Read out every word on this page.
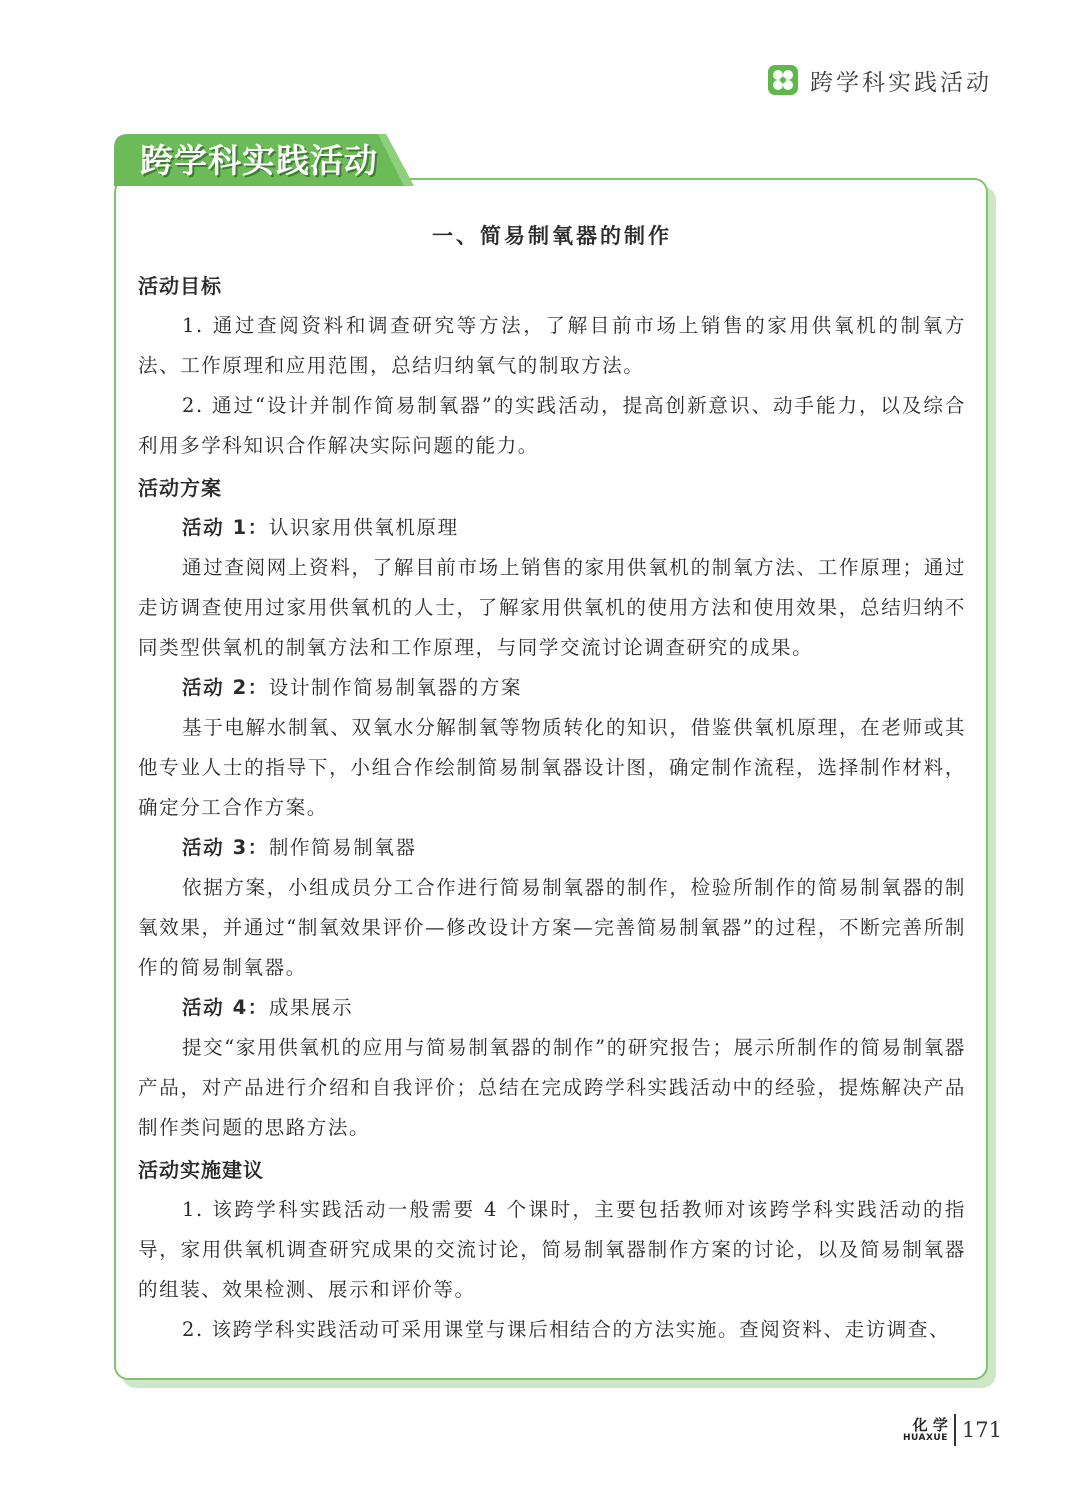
跨学科实践活动
跨学科实践活动

一、简易制氧器的制作

活动目标

1. 通过查阅资料和调查研究等方法，了解目前市场上销售的家用供氧机的制氧方法、工作原理和应用范围，总结归纳氧气的制取方法。

2. 通过“设计并制作简易制氧器”的实践活动，提高创新意识、动手能力，以及综合利用多学科知识合作解决实际问题的能力。

活动方案

活动 1：认识家用供氧机原理

通过查阅网上资料，了解目前市场上销售的家用供氧机的制氧方法、工作原理；通过走访调查使用过家用供氧机的人士，了解家用供氧机的使用方法和使用效果，总结归纳不同类型供氧机的制氧方法和工作原理，与同学交流讨论调查研究的成果。

活动 2：设计制作简易制氧器的方案

基于电解水制氧、双氧水分解制氧等物质转化的知识，借鉴供氧机原理，在老师或其他专业人士的指导下，小组合作绘制简易制氧器设计图，确定制作流程，选择制作材料，确定分工合作方案。

活动 3：制作简易制氧器

依据方案，小组成员分工合作进行简易制氧器的制作，检验所制作的简易制氧器的制氧效果，并通过“制氧效果评价—修改设计方案—完善简易制氧器”的过程，不断完善所制作的简易制氧器。

活动 4：成果展示

提交“家用供氧机的应用与简易制氧器的制作”的研究报告；展示所制作的简易制氧器产品，对产品进行介绍和自我评价；总结在完成跨学科实践活动中的经验，提炼解决产品制作类问题的思路方法。

活动实施建议

1. 该跨学科实践活动一般需要 4 个课时，主要包括教师对该跨学科实践活动的指导，家用供氧机调查研究成果的交流讨论，简易制氧器制作方案的讨论，以及简易制氧器的组装、效果检测、展示和评价等。

2. 该跨学科实践活动可采用课堂与课后相结合的方法实施。查阅资料、走访调查、

化 学
HUAXUE 171
